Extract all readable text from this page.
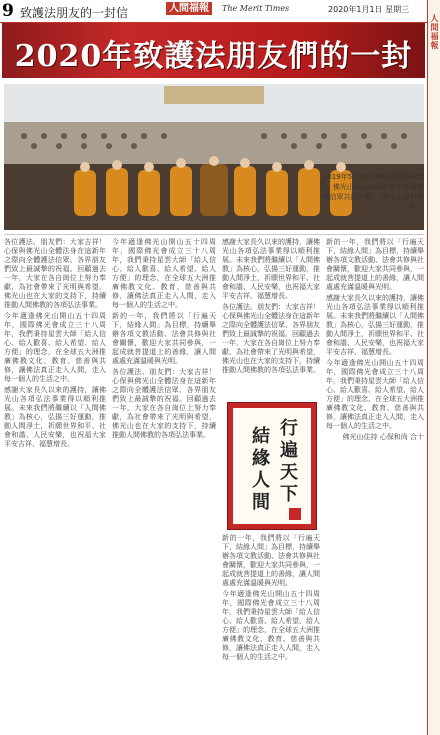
9 致護法朋友的一封信	人間福報	The Merit Times	2020年1月1日 星期三
人
間
福
報
2020年致護法朋友們的一封
2019年5月15日佛光山開山紀念日，佛光山開山祖師星雲大師與全球信眾共同合影。（佛光山資料照片）

各位護法、朋友們：大家吉祥！心保與佛光山全體法身在這新年之際向全體護法信眾、各界朋友們致上最誠摯的祝福。回顧過去一年，大家在各自崗位上努力奉獻，為社會帶來了光明與希望，佛光山也在大家的支持下，持續推動人間佛教的各項弘法事業。

今年適逢佛光山開山五十四周年，國際佛光會成立三十八周年，我們秉持星雲大師「給人信心、給人歡喜、給人希望、給人方便」的理念，在全球五大洲推廣佛教文化、教育、慈善與共修，讓佛法真正走入人間，走入每一個人的生活之中。

感謝大家長久以來的護持，讓佛光山各項弘法事業得以順利推展。未來我們將繼續以「人間佛教」為核心，弘揚三好運動，推動人間淨土，祈願世界和平、社會和諧、人民安樂，也祝福大家平安吉祥、福慧增長。

今年適逢佛光山開山五十四周年，國際佛光會成立三十八周年，我們秉持星雲大師「給人信心、給人歡喜、給人希望、給人方便」的理念，在全球五大洲推廣佛教文化、教育、慈善與共修，讓佛法真正走入人間，走入每一個人的生活之中。

新的一年，我們將以「行遍天下，結緣人間」為目標，持續舉辦各項文教活動、法會共修與社會關懷，歡迎大家共同參與，一起成就菩提道上的善緣，讓人間處處充滿溫暖與光明。

各位護法、朋友們：大家吉祥！心保與佛光山全體法身在這新年之際向全體護法信眾、各界朋友們致上最誠摯的祝福。回顧過去一年，大家在各自崗位上努力奉獻，為社會帶來了光明與希望，佛光山也在大家的支持下，持續推動人間佛教的各項弘法事業。

感謝大家長久以來的護持，讓佛光山各項弘法事業得以順利推展。未來我們將繼續以「人間佛教」為核心，弘揚三好運動，推動人間淨土，祈願世界和平、社會和諧、人民安樂，也祝福大家平安吉祥、福慧增長。

各位護法、朋友們：大家吉祥！心保與佛光山全體法身在這新年之際向全體護法信眾、各界朋友們致上最誠摯的祝福。回顧過去一年，大家在各自崗位上努力奉獻，為社會帶來了光明與希望，佛光山也在大家的支持下，持續推動人間佛教的各項弘法事業。

新的一年，我們將以「行遍天下，結緣人間」為目標，持續舉辦各項文教活動、法會共修與社會關懷，歡迎大家共同參與，一起成就菩提道上的善緣，讓人間處處充滿溫暖與光明。

今年適逢佛光山開山五十四周年，國際佛光會成立三十八周年，我們秉持星雲大師「給人信心、給人歡喜、給人希望、給人方便」的理念，在全球五大洲推廣佛教文化、教育、慈善與共修，讓佛法真正走入人間，走入每一個人的生活之中。

新的一年，我們將以「行遍天下，結緣人間」為目標，持續舉辦各項文教活動、法會共修與社會關懷，歡迎大家共同參與，一起成就菩提道上的善緣，讓人間處處充滿溫暖與光明。

感謝大家長久以來的護持，讓佛光山各項弘法事業得以順利推展。未來我們將繼續以「人間佛教」為核心，弘揚三好運動，推動人間淨土，祈願世界和平、社會和諧、人民安樂，也祝福大家平安吉祥、福慧增長。

今年適逢佛光山開山五十四周年，國際佛光會成立三十八周年，我們秉持星雲大師「給人信心、給人歡喜、給人希望、給人方便」的理念，在全球五大洲推廣佛教文化、教育、慈善與共修，讓佛法真正走入人間，走入每一個人的生活之中。

佛光山住持 心保和尚 合十

行
遍
天
下
結
緣
人
間
